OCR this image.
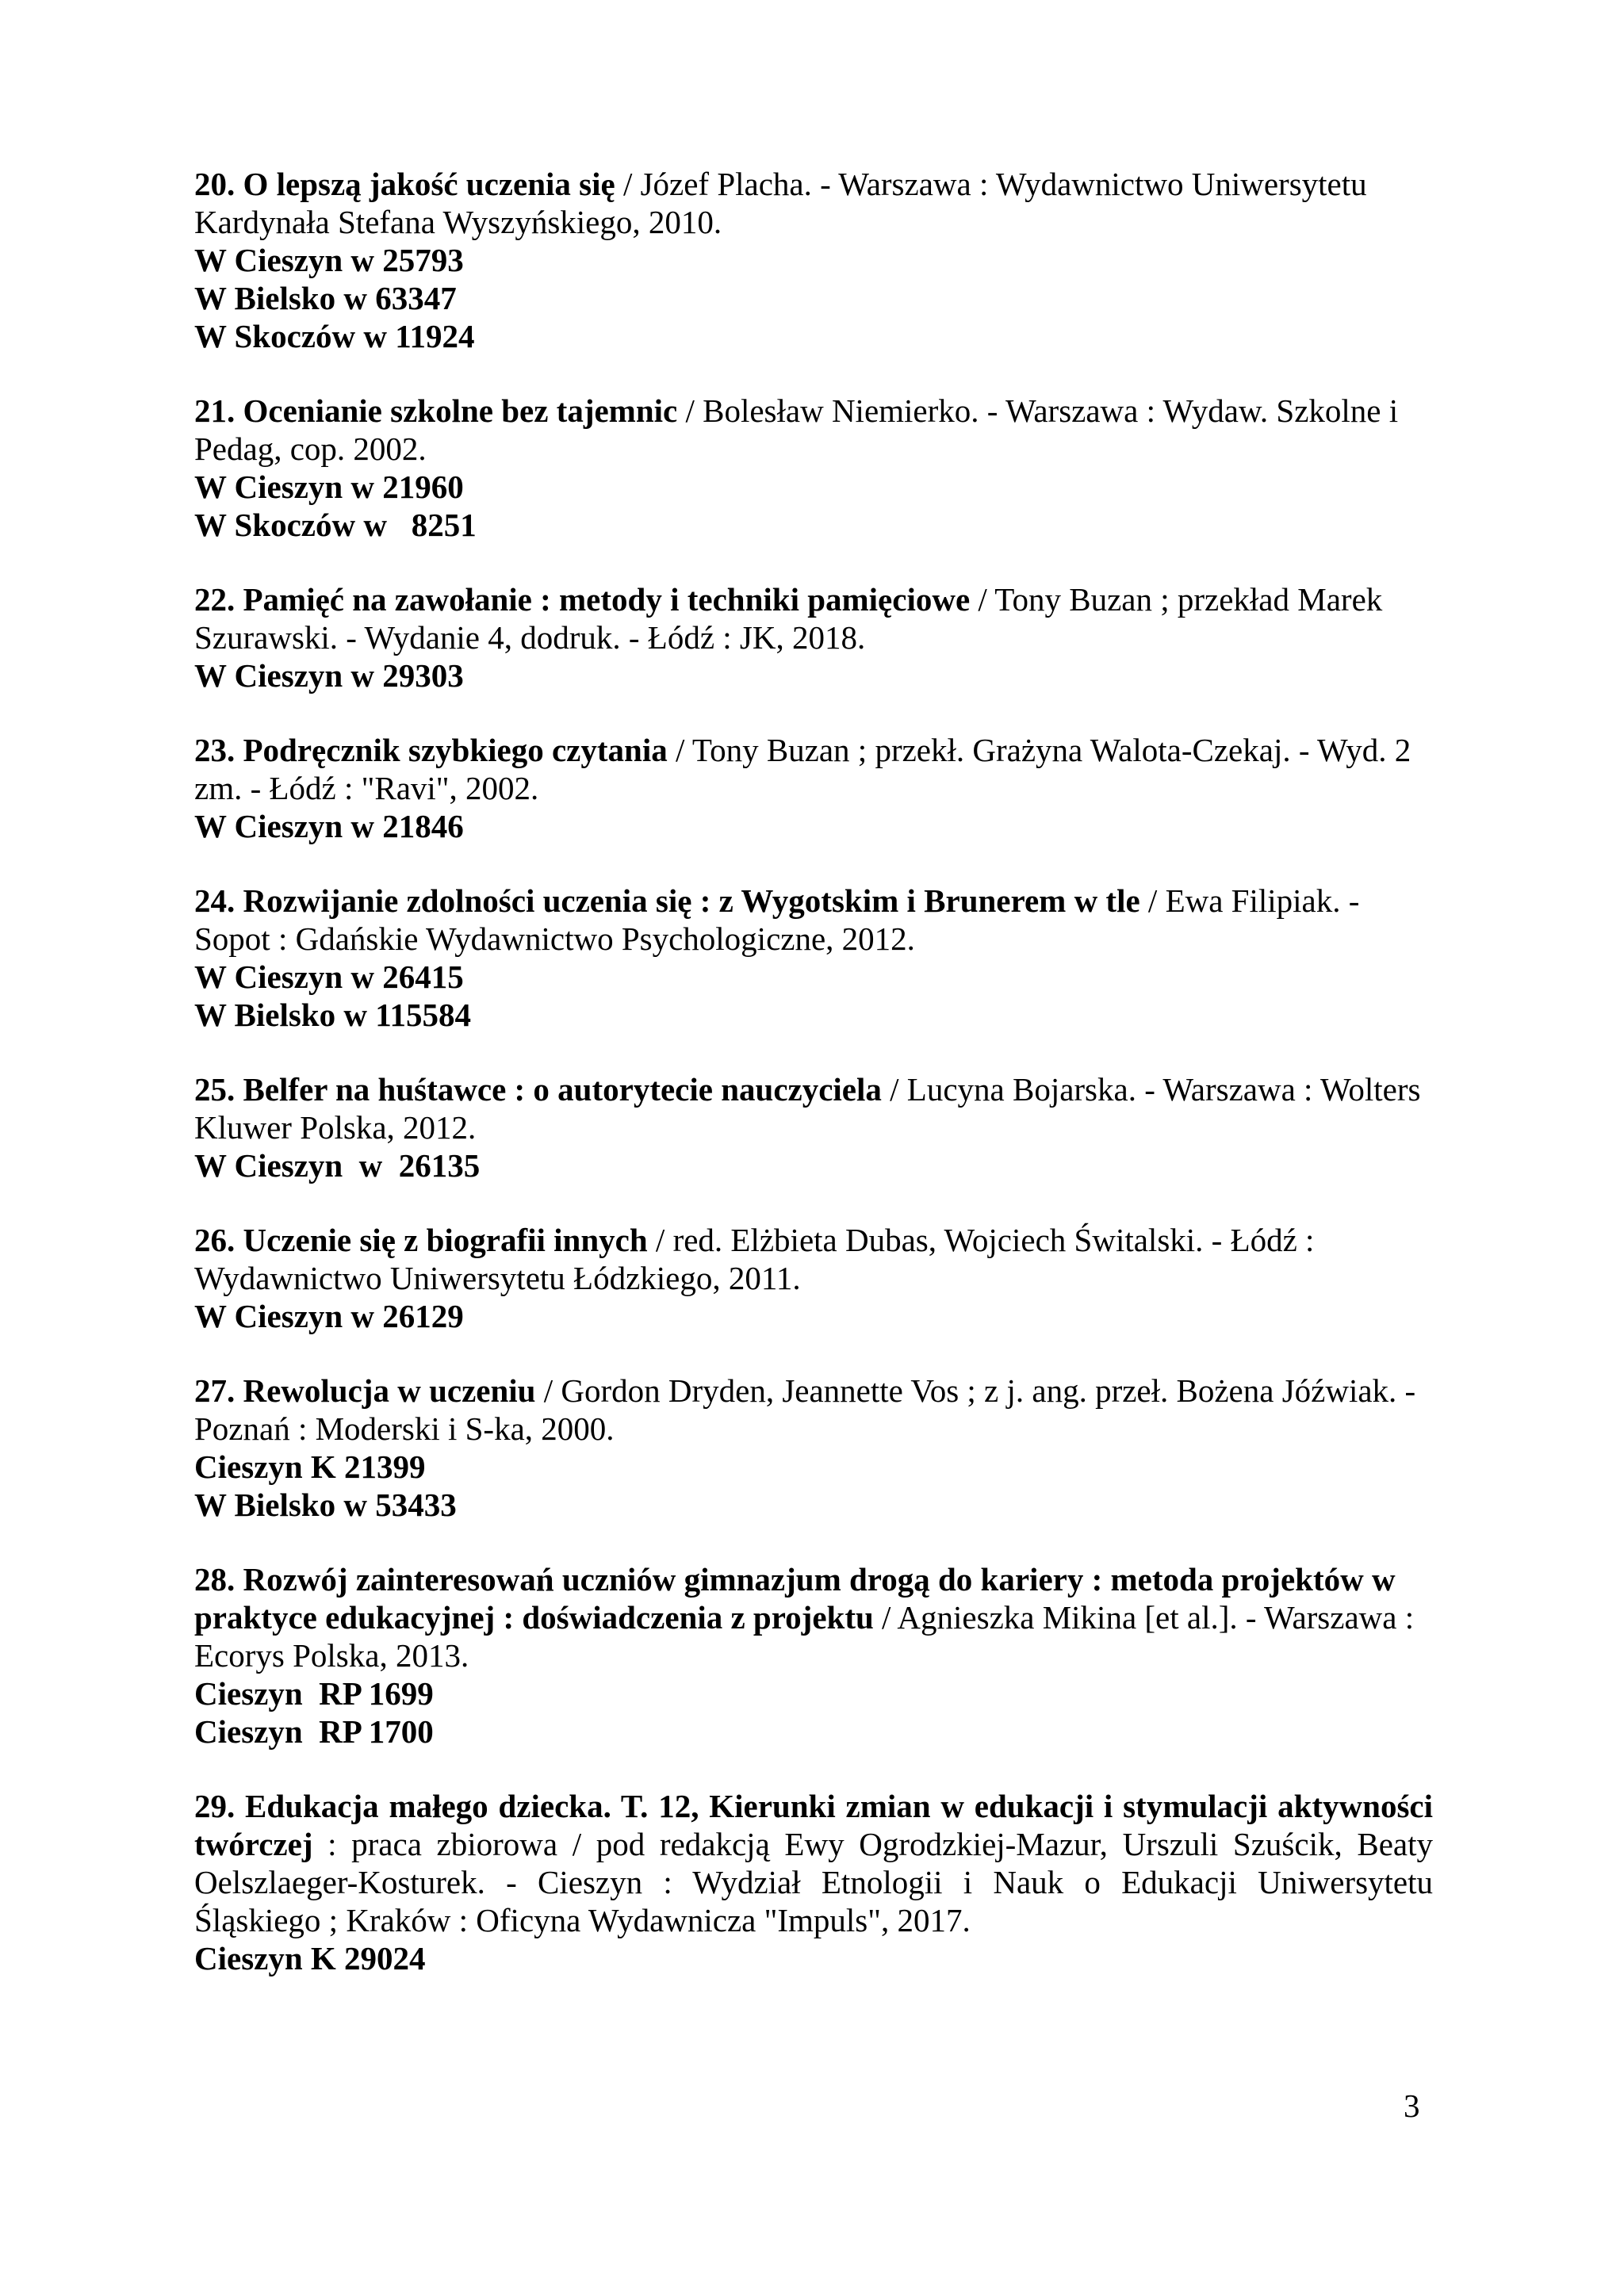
20. O lepszą jakość uczenia się / Józef Placha. - Warszawa : Wydawnictwo Uniwersytetu Kardynała Stefana Wyszyńskiego, 2010.

W Cieszyn w 25793

W Bielsko w 63347

W Skoczów w 11924

21. Ocenianie szkolne bez tajemnic / Bolesław Niemierko. - Warszawa : Wydaw. Szkolne i Pedag, cop. 2002.

W Cieszyn w 21960

W Skoczów w   8251

22. Pamięć na zawołanie : metody i techniki pamięciowe / Tony Buzan ; przekład Marek Szurawski. - Wydanie 4, dodruk. - Łódź : JK, 2018.

W Cieszyn w 29303

23. Podręcznik szybkiego czytania / Tony Buzan ; przekł. Grażyna Walota-Czekaj. - Wyd. 2 zm. - Łódź : "Ravi", 2002.

W Cieszyn w 21846

24. Rozwijanie zdolności uczenia się : z Wygotskim i Brunerem w tle / Ewa Filipiak. - Sopot : Gdańskie Wydawnictwo Psychologiczne, 2012.

W Cieszyn w 26415

W Bielsko w 115584

25. Belfer na huśtawce : o autorytecie nauczyciela / Lucyna Bojarska. - Warszawa : Wolters Kluwer Polska, 2012.

W Cieszyn  w  26135

26. Uczenie się z biografii innych / red. Elżbieta Dubas, Wojciech Świtalski. - Łódź : Wydawnictwo Uniwersytetu Łódzkiego, 2011.

W Cieszyn w 26129

27. Rewolucja w uczeniu / Gordon Dryden, Jeannette Vos ; z j. ang. przeł. Bożena Jóźwiak. - Poznań : Moderski i S-ka, 2000.

Cieszyn K 21399

W Bielsko w 53433

28. Rozwój zainteresowań uczniów gimnazjum drogą do kariery : metoda projektów w praktyce edukacyjnej : doświadczenia z projektu / Agnieszka Mikina [et al.]. - Warszawa : Ecorys Polska, 2013.

Cieszyn  RP 1699

Cieszyn  RP 1700

29. Edukacja małego dziecka. T. 12, Kierunki zmian w edukacji i stymulacji aktywności twórczej : praca zbiorowa / pod redakcją Ewy Ogrodzkiej-Mazur, Urszuli Szuścik, Beaty Oelszlaeger-Kosturek. - Cieszyn : Wydział Etnologii i Nauk o Edukacji Uniwersytetu Śląskiego ; Kraków : Oficyna Wydawnicza "Impuls", 2017.

Cieszyn K 29024

3
